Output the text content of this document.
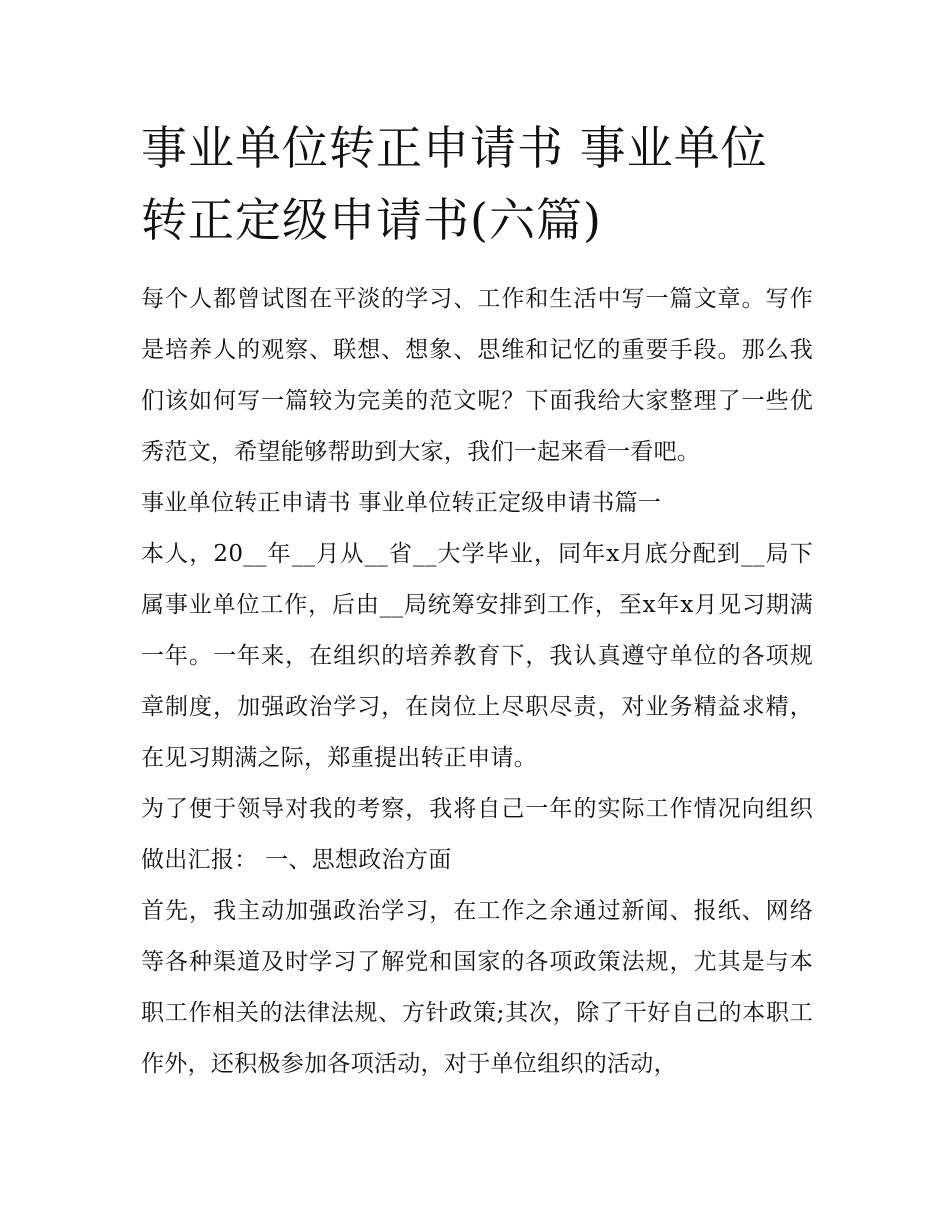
事业单位转正申请书 事业单位转正定级申请书(六篇)

每个人都曾试图在平淡的学习、工作和生活中写一篇文章。写作是培养人的观察、联想、想象、思维和记忆的重要手段。那么我们该如何写一篇较为完美的范文呢？下面我给大家整理了一些优秀范文，希望能够帮助到大家，我们一起来看一看吧。

事业单位转正申请书 事业单位转正定级申请书篇一

本人，20__年__月从__省__大学毕业，同年x月底分配到__局下属事业单位工作，后由__局统筹安排到工作，至x年x月见习期满一年。一年来，在组织的培养教育下，我认真遵守单位的各项规章制度，加强政治学习，在岗位上尽职尽责，对业务精益求精，在见习期满之际，郑重提出转正申请。

为了便于领导对我的考察，我将自己一年的实际工作情况向组织做出汇报： 一、思想政治方面

首先，我主动加强政治学习，在工作之余通过新闻、报纸、网络等各种渠道及时学习了解党和国家的各项政策法规，尤其是与本职工作相关的法律法规、方针政策;其次，除了干好自己的本职工作外，还积极参加各项活动，对于单位组织的活动，
